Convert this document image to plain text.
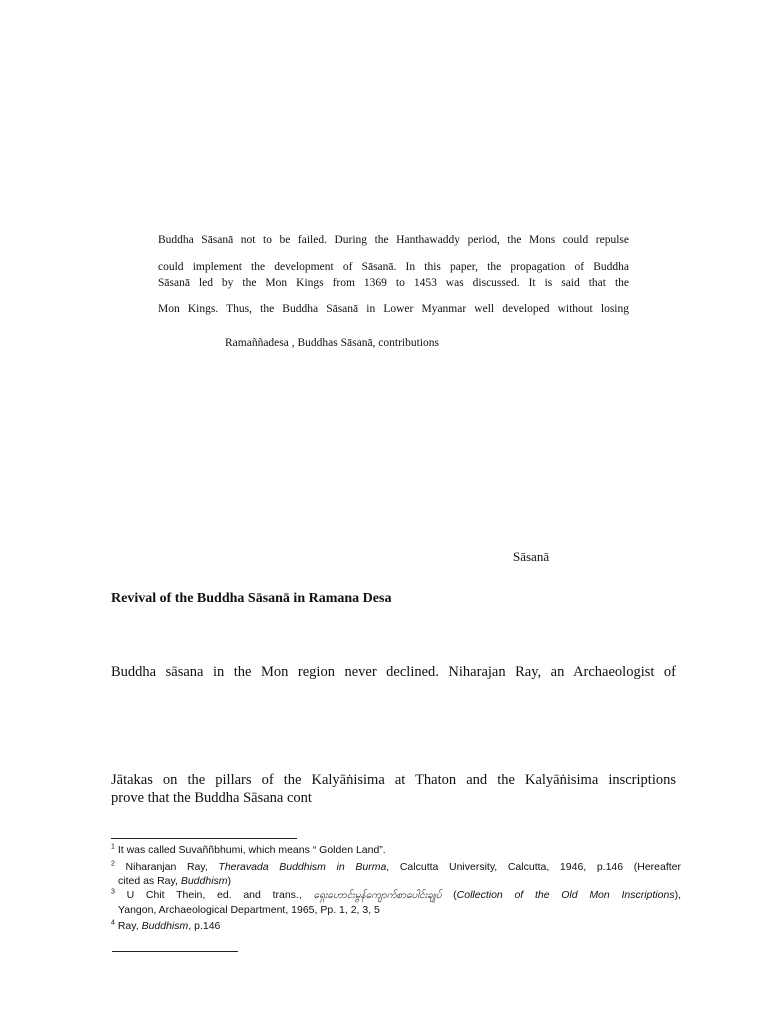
Buddha Sāsanā not to be failed. During the Hanthawaddy period, the Mons could repulse
could implement the development of Sāsanā. In this paper, the propagation of Buddha
Sāsanā led by the Mon Kings from 1369 to 1453 was discussed. It is said that the
Mon Kings. Thus, the Buddha Sāsanā in Lower Myanmar well developed without losing
Ramaññadesa , Buddhas Sāsanā, contributions
Sāsanā
Revival of the Buddha Sāsanā in Ramana Desa
Buddha sāsana in the Mon region never declined. Niharajan Ray, an Archaeologist of
Jātakas on the pillars of the Kalyāṅisima at Thaton and the Kalyāṅisima inscriptions
prove that the Buddha Sāsana cont
$^1$ It was called Suvaññbhumi, which means “ Golden Land”.
$^2$ Niharanjan Ray, Theravada Buddhism in Burma, Calcutta University, Calcutta, 1946, p.146 (Hereafter
cited as Ray, Buddhism)
$^3$ U Chit Thein, ed. and trans., ရှေးဟောင်းမွန်ကျောက်စာပေါင်းချုပ် (Collection of the Old Mon Inscriptions),
Yangon, Archaeological Department, 1965, Pp. 1, 2, 3, 5
$^4$ Ray, Buddhism, p.146
